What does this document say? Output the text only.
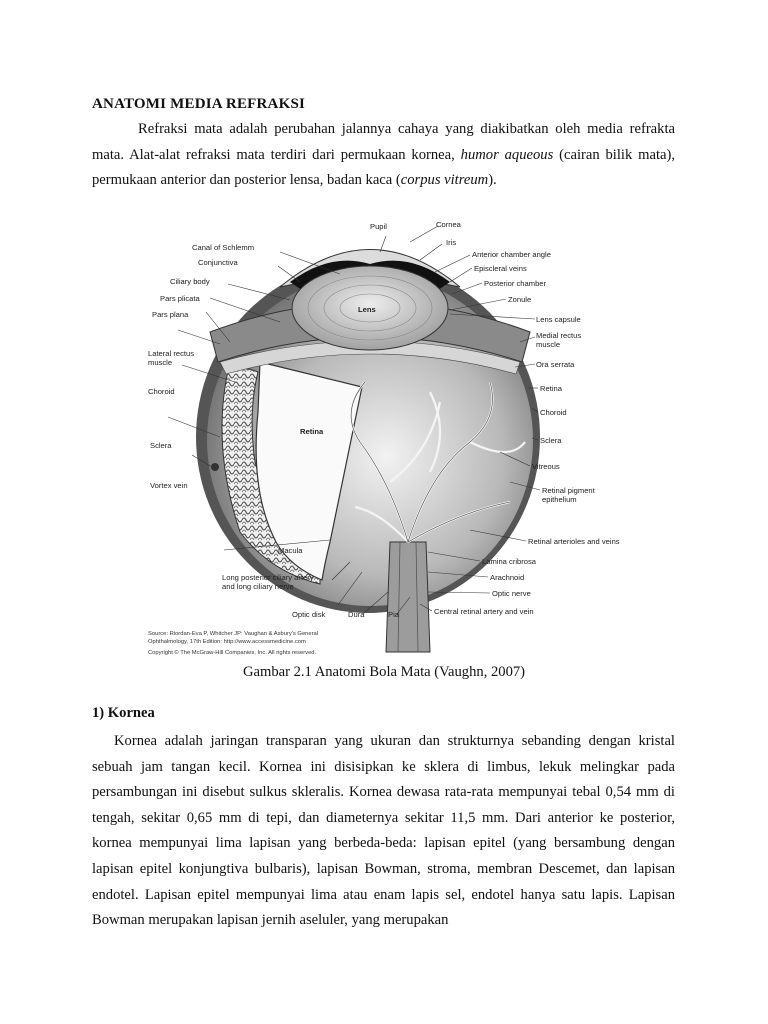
ANATOMI MEDIA REFRAKSI

Refraksi mata adalah perubahan jalannya cahaya yang diakibatkan oleh media refrakta mata. Alat-alat refraksi mata terdiri dari permukaan kornea, humor aqueous (cairan bilik mata), permukaan anterior dan posterior lensa, badan kaca (corpus vitreum).

Lens
Retina
Canal of Schlemm
Conjunctiva
Ciliary body
Pars plicata
Pars plana
Lateral rectus
muscle
Choroid
Sclera
Vortex vein
Macula
Long posterior ciliary artery
and long ciliary nerve
Optic disk	Dura	Pia
Pupil	Cornea
Iris
Anterior chamber angle
Episcleral veins
Posterior chamber
Zonule
Lens capsule
Medial rectus
muscle
Ora serrata
Retina
Choroid
Sclera
Vitreous
Retinal pigment
epithelium
Retinal arterioles and veins
Lamina cribrosa
Arachnoid
Optic nerve
Central retinal artery and vein
Source: Riordan-Eva P, Whitcher JP: Vaughan & Asbury's General
Ophthalmology, 17th Edition: http://www.accessmedicine.com
Copyright © The McGraw-Hill Companies, Inc. All rights reserved.
Gambar 2.1 Anatomi Bola Mata (Vaughn, 2007)
1) Kornea

Kornea adalah jaringan transparan yang ukuran dan strukturnya sebanding dengan kristal sebuah jam tangan kecil. Kornea ini disisipkan ke sklera di limbus, lekuk melingkar pada persambungan ini disebut sulkus skleralis. Kornea dewasa rata-rata mempunyai tebal 0,54 mm di tengah, sekitar 0,65 mm di tepi, dan diameternya sekitar 11,5 mm. Dari anterior ke posterior, kornea mempunyai lima lapisan yang berbeda-beda: lapisan epitel (yang bersambung dengan lapisan epitel konjungtiva bulbaris), lapisan Bowman, stroma, membran Descemet, dan lapisan endotel. Lapisan epitel mempunyai lima atau enam lapis sel, endotel hanya satu lapis. Lapisan Bowman merupakan lapisan jernih aseluler, yang merupakan
